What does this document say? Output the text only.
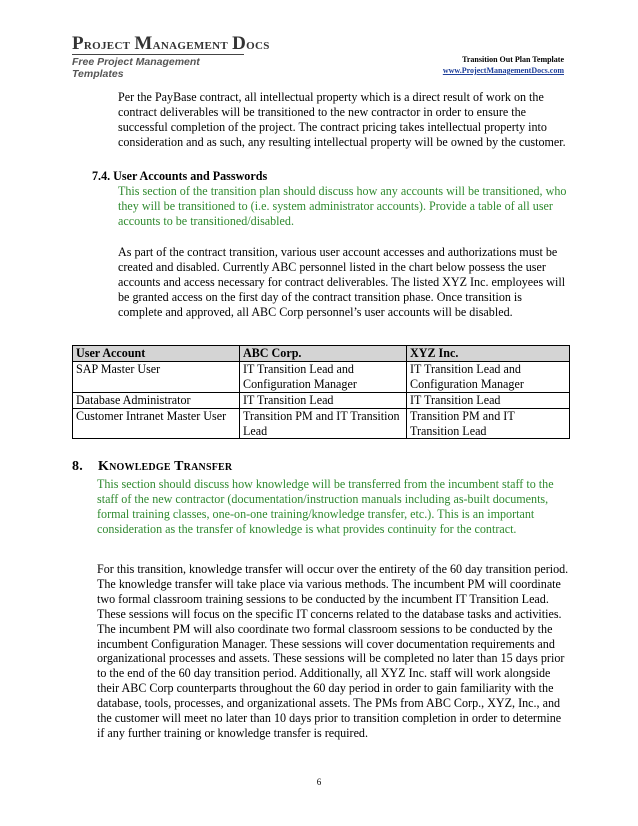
Project Management Docs
Free Project Management Templates
Transition Out Plan Template
www.ProjectManagementDocs.com
Per the PayBase contract, all intellectual property which is a direct result of work on the contract deliverables will be transitioned to the new contractor in order to ensure the successful completion of the project. The contract pricing takes intellectual property into consideration and as such, any resulting intellectual property will be owned by the customer.
7.4. User Accounts and Passwords
This section of the transition plan should discuss how any accounts will be transitioned, who they will be transitioned to (i.e. system administrator accounts). Provide a table of all user accounts to be transitioned/disabled.
As part of the contract transition, various user account accesses and authorizations must be created and disabled. Currently ABC personnel listed in the chart below possess the user accounts and access necessary for contract deliverables. The listed XYZ Inc. employees will be granted access on the first day of the contract transition phase. Once transition is complete and approved, all ABC Corp personnel’s user accounts will be disabled.
User Account	ABC Corp.	XYZ Inc.
SAP Master User	IT Transition Lead and Configuration Manager	IT Transition Lead and Configuration Manager
Database Administrator	IT Transition Lead	IT Transition Lead
Customer Intranet Master User	Transition PM and IT Transition Lead	Transition PM and IT Transition Lead
8. Knowledge Transfer
This section should discuss how knowledge will be transferred from the incumbent staff to the staff of the new contractor (documentation/instruction manuals including as-built documents, formal training classes, one-on-one training/knowledge transfer, etc.). This is an important consideration as the transfer of knowledge is what provides continuity for the contract.
For this transition, knowledge transfer will occur over the entirety of the 60 day transition period. The knowledge transfer will take place via various methods. The incumbent PM will coordinate two formal classroom training sessions to be conducted by the incumbent IT Transition Lead. These sessions will focus on the specific IT concerns related to the database tasks and activities. The incumbent PM will also coordinate two formal classroom sessions to be conducted by the incumbent Configuration Manager. These sessions will cover documentation requirements and organizational processes and assets. These sessions will be completed no later than 15 days prior to the end of the 60 day transition period. Additionally, all XYZ Inc. staff will work alongside their ABC Corp counterparts throughout the 60 day period in order to gain familiarity with the database, tools, processes, and organizational assets. The PMs from ABC Corp., XYZ, Inc., and the customer will meet no later than 10 days prior to transition completion in order to determine if any further training or knowledge transfer is required.
6
